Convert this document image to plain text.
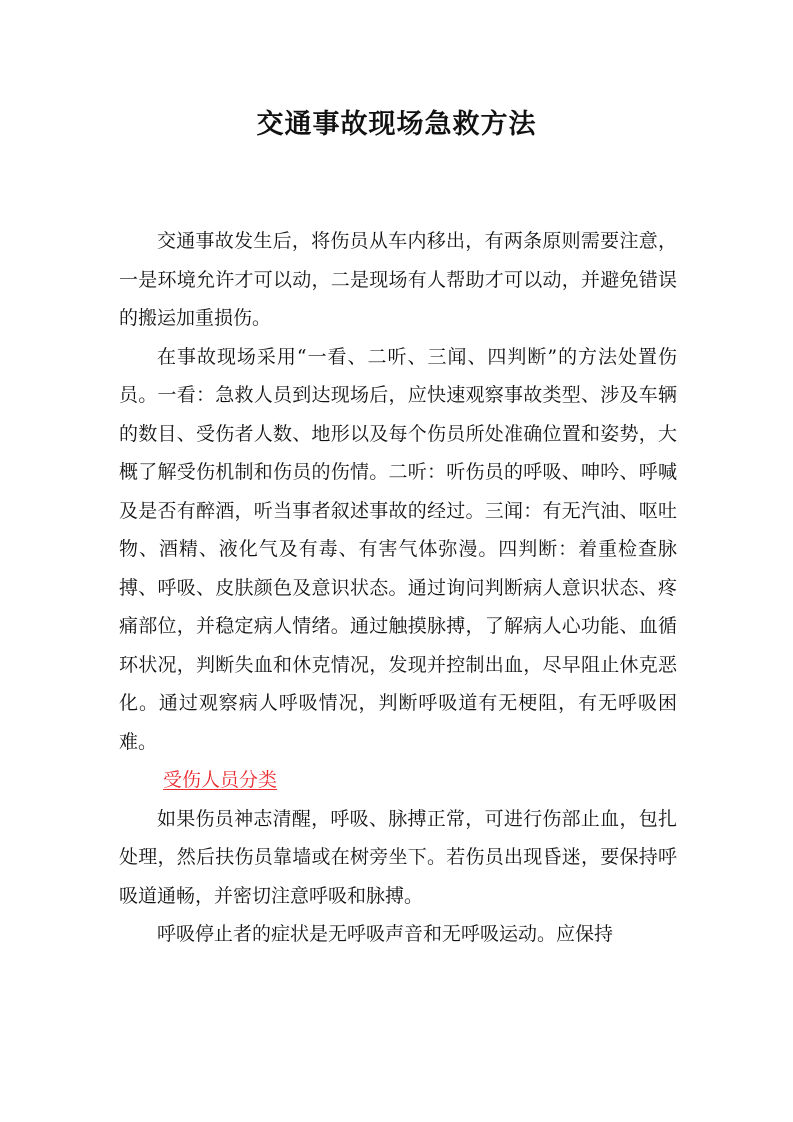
交通事故现场急救方法

交通事故发生后，将伤员从车内移出，有两条原则需要注意，一是环境允许才可以动，二是现场有人帮助才可以动，并避免错误的搬运加重损伤。

在事故现场采用“一看、二听、三闻、四判断”的方法处置伤员。一看：急救人员到达现场后，应快速观察事故类型、涉及车辆的数目、受伤者人数、地形以及每个伤员所处准确位置和姿势，大概了解受伤机制和伤员的伤情。二听：听伤员的呼吸、呻吟、呼喊及是否有醉酒，听当事者叙述事故的经过。三闻：有无汽油、呕吐物、酒精、液化气及有毒、有害气体弥漫。四判断：着重检查脉搏、呼吸、皮肤颜色及意识状态。通过询问判断病人意识状态、疼痛部位，并稳定病人情绪。通过触摸脉搏，了解病人心功能、血循环状况，判断失血和休克情况，发现并控制出血，尽早阻止休克恶化。通过观察病人呼吸情况，判断呼吸道有无梗阻，有无呼吸困难。

受伤人员分类

如果伤员神志清醒，呼吸、脉搏正常，可进行伤部止血，包扎处理，然后扶伤员靠墙或在树旁坐下。若伤员出现昏迷，要保持呼吸道通畅，并密切注意呼吸和脉搏。

呼吸停止者的症状是无呼吸声音和无呼吸运动。应保持
